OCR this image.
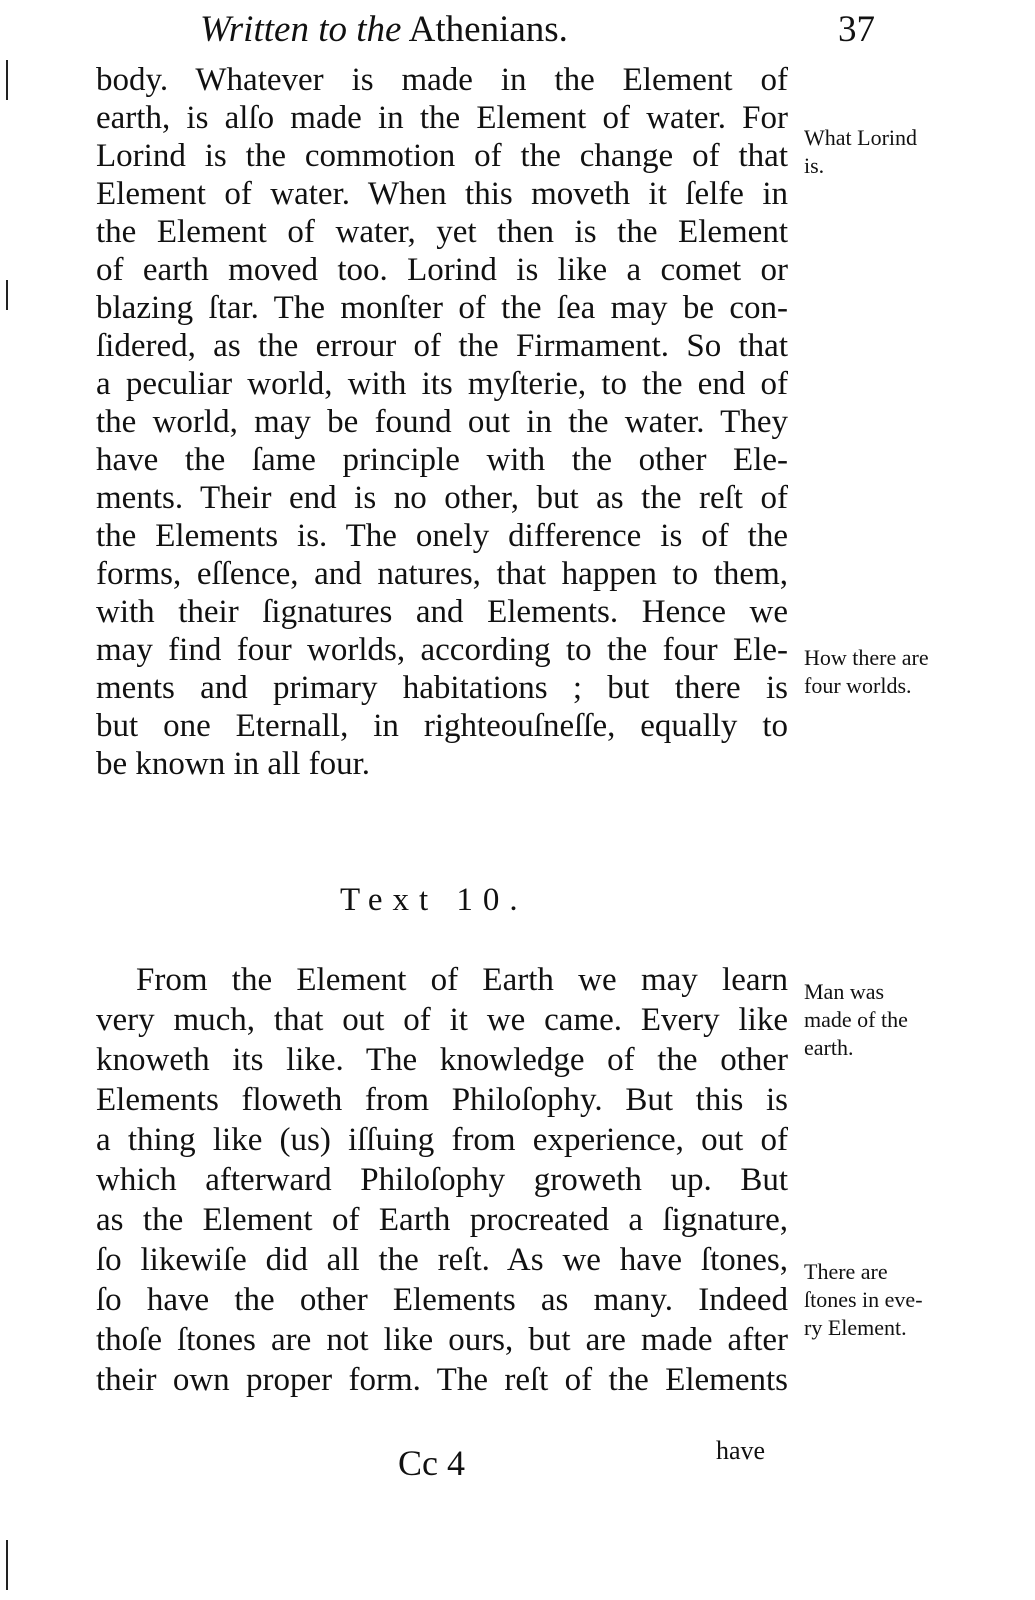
Written to the Athenians.	37
body. Whatever is made in the Element of
earth, is alſo made in the Element of water. For
Lorind is the commotion of the change of that
Element of water. When this moveth it ſelfe in
the Element of water, yet then is the Element
of earth moved too. Lorind is like a comet or
blazing ſtar. The monſter of the ſea may be con-
ſidered, as the errour of the Firmament. So that
a peculiar world, with its myſterie, to the end of
the world, may be found out in the water. They
have the ſame principle with the other Ele-
ments. Their end is no other, but as the reſt of
the Elements is. The onely difference is of the
forms, eſſence, and natures, that happen to them,
with their ſignatures and Elements. Hence we
may find four worlds, according to the four Ele-
ments and primary habitations ; but there is
but one Eternall, in righteouſneſſe, equally to
be known in all four.
Text 10.
From the Element of Earth we may learn
very much, that out of it we came. Every like
knoweth its like. The knowledge of the other
Elements floweth from Philoſophy. But this is
a thing like (us) iſſuing from experience, out of
which afterward Philoſophy groweth up. But
as the Element of Earth procreated a ſignature,
ſo likewiſe did all the reſt. As we have ſtones,
ſo have the other Elements as many. Indeed
thoſe ſtones are not like ours, but are made after
their own proper form. The reſt of the Elements
What Lorind
is.
How there are
four worlds.
Man was
made of the
earth.
There are
ſtones in eve-
ry Element.
Cc 4	have
